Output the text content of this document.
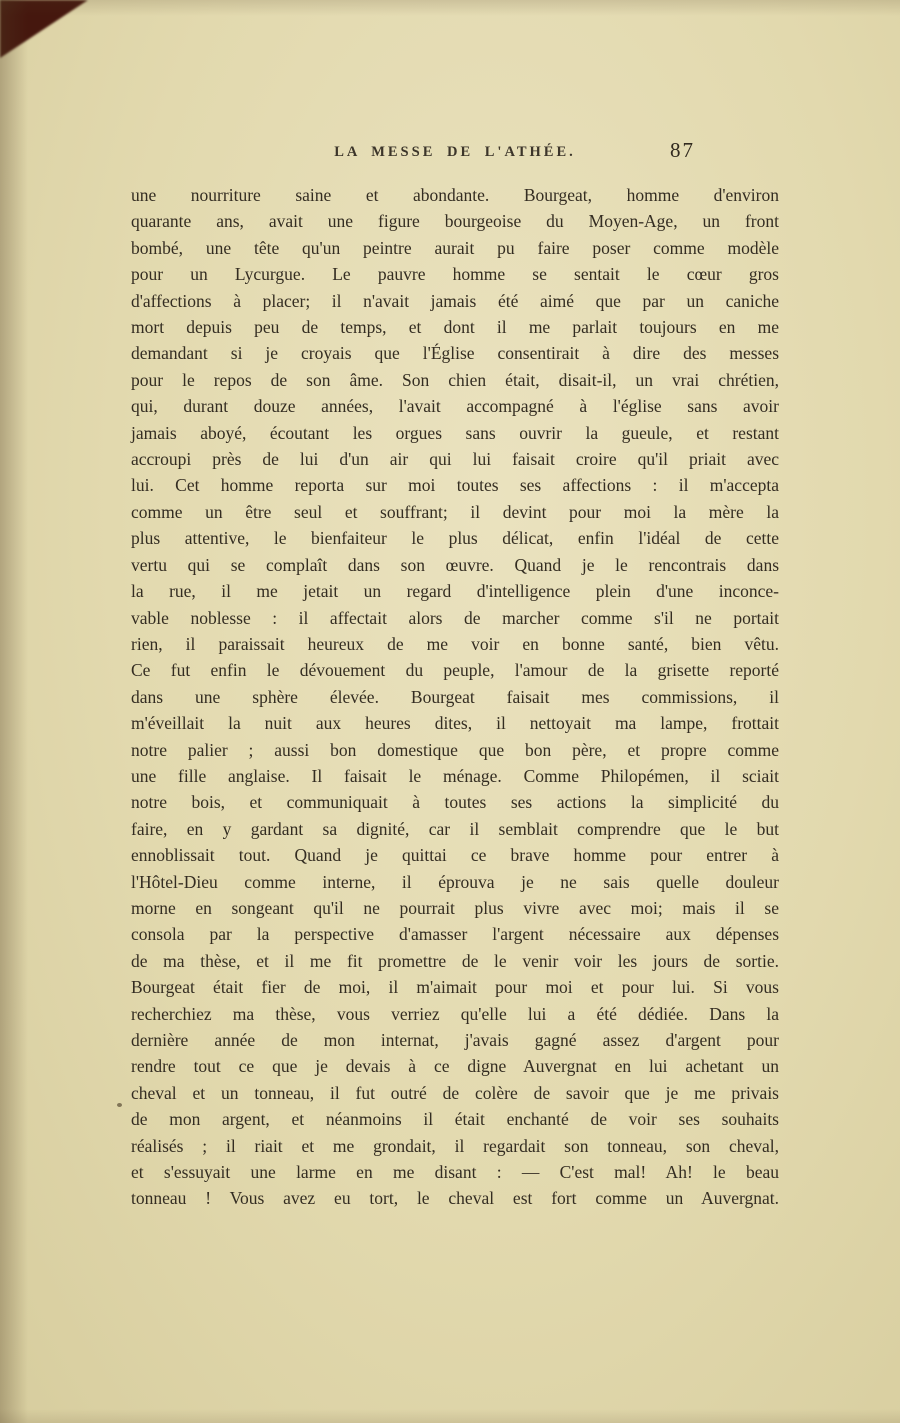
LA MESSE DE L'ATHÉE.	87
une nourriture saine et abondante. Bourgeat, homme d'environ
quarante ans, avait une figure bourgeoise du Moyen-Age, un front
bombé, une tête qu'un peintre aurait pu faire poser comme modèle
pour un Lycurgue. Le pauvre homme se sentait le cœur gros
d'affections à placer; il n'avait jamais été aimé que par un caniche
mort depuis peu de temps, et dont il me parlait toujours en me
demandant si je croyais que l'Église consentirait à dire des messes
pour le repos de son âme. Son chien était, disait-il, un vrai chrétien,
qui, durant douze années, l'avait accompagné à l'église sans avoir
jamais aboyé, écoutant les orgues sans ouvrir la gueule, et restant
accroupi près de lui d'un air qui lui faisait croire qu'il priait avec
lui. Cet homme reporta sur moi toutes ses affections : il m'accepta
comme un être seul et souffrant; il devint pour moi la mère la
plus attentive, le bienfaiteur le plus délicat, enfin l'idéal de cette
vertu qui se complaît dans son œuvre. Quand je le rencontrais dans
la rue, il me jetait un regard d'intelligence plein d'une inconce-
vable noblesse : il affectait alors de marcher comme s'il ne portait
rien, il paraissait heureux de me voir en bonne santé, bien vêtu.
Ce fut enfin le dévouement du peuple, l'amour de la grisette reporté
dans une sphère élevée. Bourgeat faisait mes commissions, il
m'éveillait la nuit aux heures dites, il nettoyait ma lampe, frottait
notre palier ; aussi bon domestique que bon père, et propre comme
une fille anglaise. Il faisait le ménage. Comme Philopémen, il sciait
notre bois, et communiquait à toutes ses actions la simplicité du
faire, en y gardant sa dignité, car il semblait comprendre que le but
ennoblissait tout. Quand je quittai ce brave homme pour entrer à
l'Hôtel-Dieu comme interne, il éprouva je ne sais quelle douleur
morne en songeant qu'il ne pourrait plus vivre avec moi; mais il se
consola par la perspective d'amasser l'argent nécessaire aux dépenses
de ma thèse, et il me fit promettre de le venir voir les jours de sortie.
Bourgeat était fier de moi, il m'aimait pour moi et pour lui. Si vous
recherchiez ma thèse, vous verriez qu'elle lui a été dédiée. Dans la
dernière année de mon internat, j'avais gagné assez d'argent pour
rendre tout ce que je devais à ce digne Auvergnat en lui achetant un
cheval et un tonneau, il fut outré de colère de savoir que je me privais
de mon argent, et néanmoins il était enchanté de voir ses souhaits
réalisés ; il riait et me grondait, il regardait son tonneau, son cheval,
et s'essuyait une larme en me disant : — C'est mal! Ah! le beau
tonneau ! Vous avez eu tort, le cheval est fort comme un Auvergnat.
